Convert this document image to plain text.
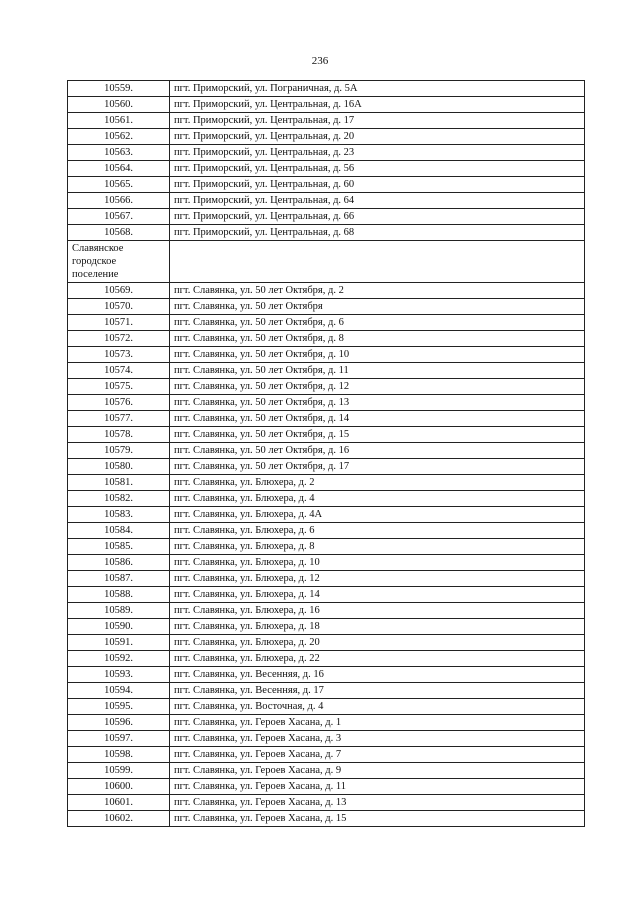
236
10559.	пгт. Приморский, ул. Пограничная, д. 5А
10560.	пгт. Приморский, ул. Центральная, д. 16А
10561.	пгт. Приморский, ул. Центральная, д. 17
10562.	пгт. Приморский, ул. Центральная, д. 20
10563.	пгт. Приморский, ул. Центральная, д. 23
10564.	пгт. Приморский, ул. Центральная, д. 56
10565.	пгт. Приморский, ул. Центральная, д. 60
10566.	пгт. Приморский, ул. Центральная, д. 64
10567.	пгт. Приморский, ул. Центральная, д. 66
10568.	пгт. Приморский, ул. Центральная, д. 68
Славянское городское поселение	
10569.	пгт. Славянка, ул. 50 лет Октября, д. 2
10570.	пгт. Славянка, ул. 50 лет Октября
10571.	пгт. Славянка, ул. 50 лет Октября, д. 6
10572.	пгт. Славянка, ул. 50 лет Октября, д. 8
10573.	пгт. Славянка, ул. 50 лет Октября, д. 10
10574.	пгт. Славянка, ул. 50 лет Октября, д. 11
10575.	пгт. Славянка, ул. 50 лет Октября, д. 12
10576.	пгт. Славянка, ул. 50 лет Октября, д. 13
10577.	пгт. Славянка, ул. 50 лет Октября, д. 14
10578.	пгт. Славянка, ул. 50 лет Октября, д. 15
10579.	пгт. Славянка, ул. 50 лет Октября, д. 16
10580.	пгт. Славянка, ул. 50 лет Октября, д. 17
10581.	пгт. Славянка, ул. Блюхера, д. 2
10582.	пгт. Славянка, ул. Блюхера, д. 4
10583.	пгт. Славянка, ул. Блюхера, д. 4А
10584.	пгт. Славянка, ул. Блюхера, д. 6
10585.	пгт. Славянка, ул. Блюхера, д. 8
10586.	пгт. Славянка, ул. Блюхера, д. 10
10587.	пгт. Славянка, ул. Блюхера, д. 12
10588.	пгт. Славянка, ул. Блюхера, д. 14
10589.	пгт. Славянка, ул. Блюхера, д. 16
10590.	пгт. Славянка, ул. Блюхера, д. 18
10591.	пгт. Славянка, ул. Блюхера, д. 20
10592.	пгт. Славянка, ул. Блюхера, д. 22
10593.	пгт. Славянка, ул. Весенняя, д. 16
10594.	пгт. Славянка, ул. Весенняя, д. 17
10595.	пгт. Славянка, ул. Восточная, д. 4
10596.	пгт. Славянка, ул. Героев Хасана, д. 1
10597.	пгт. Славянка, ул. Героев Хасана, д. 3
10598.	пгт. Славянка, ул. Героев Хасана, д. 7
10599.	пгт. Славянка, ул. Героев Хасана, д. 9
10600.	пгт. Славянка, ул. Героев Хасана, д. 11
10601.	пгт. Славянка, ул. Героев Хасана, д. 13
10602.	пгт. Славянка, ул. Героев Хасана, д. 15
